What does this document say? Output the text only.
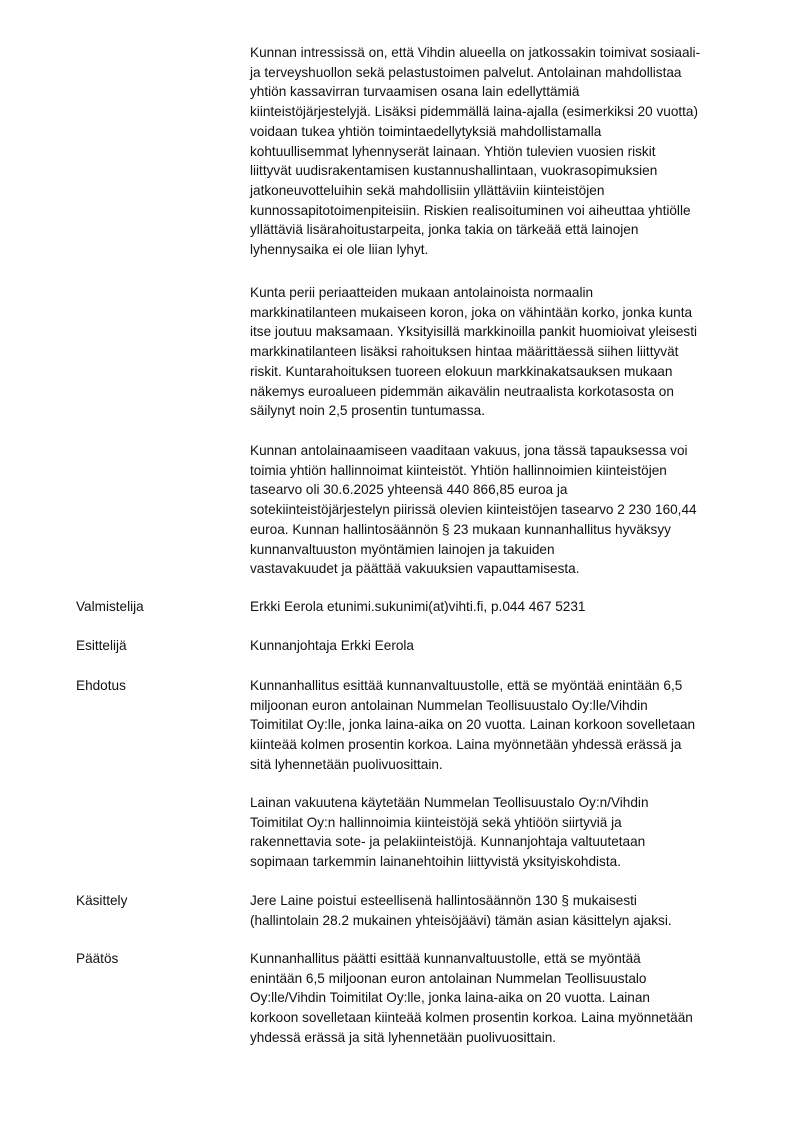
Kunnan intressissä on, että Vihdin alueella on jatkossakin toimivat sosiaali-
ja terveyshuollon sekä pelastustoimen palvelut. Antolainan mahdollistaa
yhtiön kassavirran turvaamisen osana lain edellyttämiä
kiinteistöjärjestelyjä. Lisäksi pidemmällä laina-ajalla (esimerkiksi 20 vuotta)
voidaan tukea yhtiön toimintaedellytyksiä mahdollistamalla
kohtuullisemmat lyhennyserät lainaan. Yhtiön tulevien vuosien riskit
liittyvät uudisrakentamisen kustannushallintaan, vuokrasopimuksien
jatkoneuvotteluihin sekä mahdollisiin yllättäviin kiinteistöjen
kunnossapitotoimenpiteisiin. Riskien realisoituminen voi aiheuttaa yhtiölle
yllättäviä lisärahoitustarpeita, jonka takia on tärkeää että lainojen
lyhennysaika ei ole liian lyhyt.
Kunta perii periaatteiden mukaan antolainoista normaalin
markkinatilanteen mukaiseen koron, joka on vähintään korko, jonka kunta
itse joutuu maksamaan. Yksityisillä markkinoilla pankit huomioivat yleisesti
markkinatilanteen lisäksi rahoituksen hintaa määrittäessä siihen liittyvät
riskit. Kuntarahoituksen tuoreen elokuun markkinakatsauksen mukaan
näkemys euroalueen pidemmän aikavälin neutraalista korkotasosta on
säilynyt noin 2,5 prosentin tuntumassa.
Kunnan antolainaamiseen vaaditaan vakuus, jona tässä tapauksessa voi
toimia yhtiön hallinnoimat kiinteistöt. Yhtiön hallinnoimien kiinteistöjen
tasearvo oli 30.6.2025 yhteensä 440 866,85 euroa ja
sotekiinteistöjärjestelyn piirissä olevien kiinteistöjen tasearvo 2 230 160,44
euroa. Kunnan hallintosäännön § 23 mukaan kunnanhallitus hyväksyy
kunnanvaltuuston myöntämien lainojen ja takuiden
vastavakuudet ja päättää vakuuksien vapauttamisesta.
Valmistelija	Erkki Eerola etunimi.sukunimi(at)vihti.fi, p.044 467 5231
Esittelijä	Kunnanjohtaja Erkki Eerola
Ehdotus	Kunnanhallitus esittää kunnanvaltuustolle, että se myöntää enintään 6,5
miljoonan euron antolainan Nummelan Teollisuustalo Oy:lle/Vihdin
Toimitilat Oy:lle, jonka laina-aika on 20 vuotta. Lainan korkoon sovelletaan
kiinteää kolmen prosentin korkoa. Laina myönnetään yhdessä erässä ja
sitä lyhennetään puolivuosittain.
Lainan vakuutena käytetään Nummelan Teollisuustalo Oy:n/Vihdin
Toimitilat Oy:n hallinnoimia kiinteistöjä sekä yhtiöön siirtyviä ja
rakennettavia sote- ja pelakiinteistöjä. Kunnanjohtaja valtuutetaan
sopimaan tarkemmin lainanehtoihin liittyvistä yksityiskohdista.
Käsittely	Jere Laine poistui esteellisenä hallintosäännön 130 § mukaisesti
(hallintolain 28.2 mukainen yhteisöjäävi) tämän asian käsittelyn ajaksi.
Päätös	Kunnanhallitus päätti esittää kunnanvaltuustolle, että se myöntää
enintään 6,5 miljoonan euron antolainan Nummelan Teollisuustalo
Oy:lle/Vihdin Toimitilat Oy:lle, jonka laina-aika on 20 vuotta. Lainan
korkoon sovelletaan kiinteää kolmen prosentin korkoa. Laina myönnetään
yhdessä erässä ja sitä lyhennetään puolivuosittain.
